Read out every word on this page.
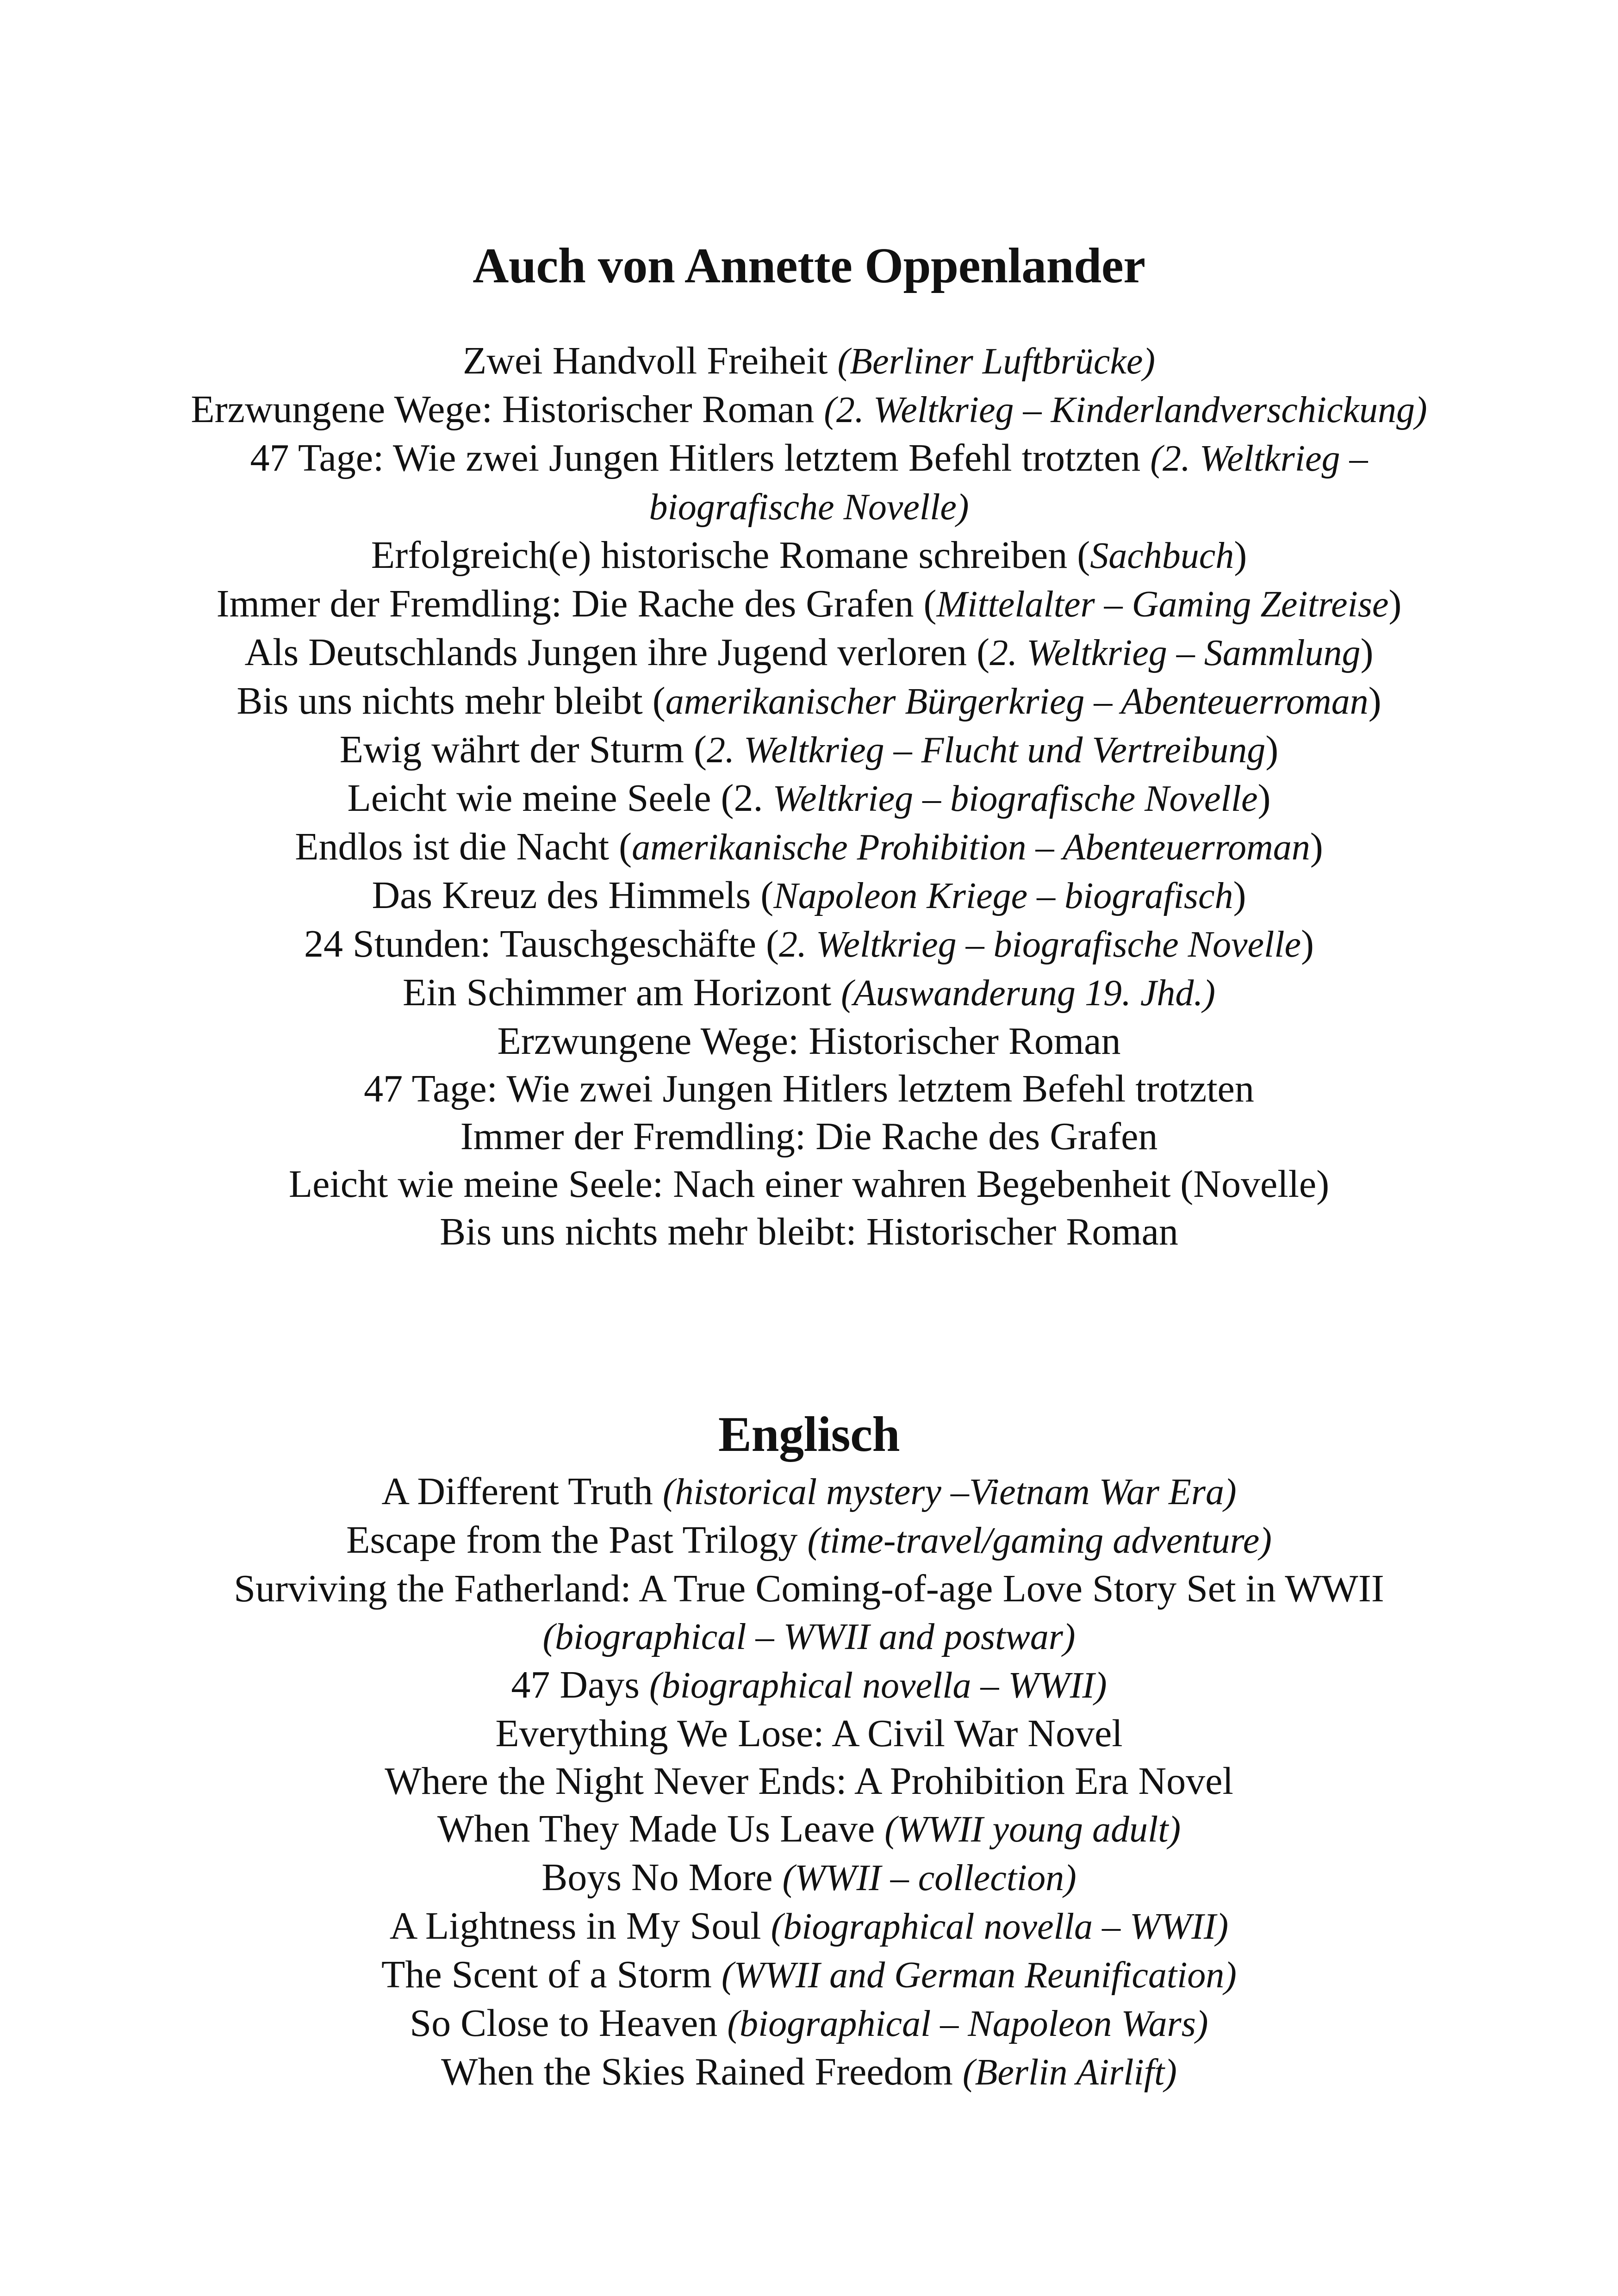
Auch von Annette Oppenlander
Zwei Handvoll Freiheit (Berliner Luftbrücke)
Erzwungene Wege: Historischer Roman (2. Weltkrieg – Kinderlandverschickung)
47 Tage: Wie zwei Jungen Hitlers letztem Befehl trotzten (2. Weltkrieg – biografische Novelle)
Erfolgreich(e) historische Romane schreiben (Sachbuch)
Immer der Fremdling: Die Rache des Grafen (Mittelalter – Gaming Zeitreise)
Als Deutschlands Jungen ihre Jugend verloren (2. Weltkrieg – Sammlung)
Bis uns nichts mehr bleibt (amerikanischer Bürgerkrieg – Abenteuerroman)
Ewig währt der Sturm (2. Weltkrieg – Flucht und Vertreibung)
Leicht wie meine Seele (2. Weltkrieg – biografische Novelle)
Endlos ist die Nacht (amerikanische Prohibition – Abenteuerroman)
Das Kreuz des Himmels (Napoleon Kriege – biografisch)
24 Stunden: Tauschgeschäfte (2. Weltkrieg – biografische Novelle)
Ein Schimmer am Horizont (Auswanderung 19. Jhd.)
Erzwungene Wege: Historischer Roman
47 Tage: Wie zwei Jungen Hitlers letztem Befehl trotzten
Immer der Fremdling: Die Rache des Grafen
Leicht wie meine Seele: Nach einer wahren Begebenheit (Novelle)
Bis uns nichts mehr bleibt: Historischer Roman
Englisch
A Different Truth (historical mystery –Vietnam War Era)
Escape from the Past Trilogy (time-travel/gaming adventure)
Surviving the Fatherland: A True Coming-of-age Love Story Set in WWII (biographical – WWII and postwar)
47 Days (biographical novella – WWII)
Everything We Lose: A Civil War Novel
Where the Night Never Ends: A Prohibition Era Novel
When They Made Us Leave (WWII young adult)
Boys No More (WWII – collection)
A Lightness in My Soul (biographical novella – WWII)
The Scent of a Storm (WWII and German Reunification)
So Close to Heaven (biographical – Napoleon Wars)
When the Skies Rained Freedom (Berlin Airlift)
